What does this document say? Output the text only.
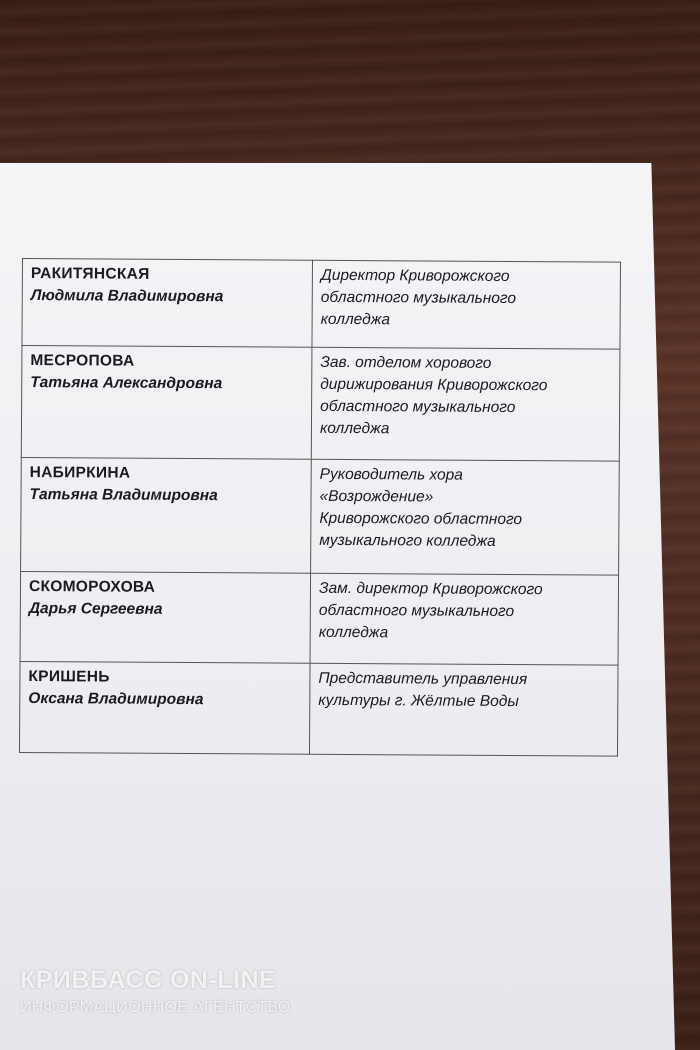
РАКИТЯНСКАЯ
Людмила Владимировна	Директор Криворожского
областного музыкального
колледжа

МЕСРОПОВА
Татьяна Александровна	Зав. отделом хорового
дирижирования Криворожского
областного музыкального
колледжа

НАБИРКИНА
Татьяна Владимировна	Руководитель хора
«Возрождение»
Криворожского областного
музыкального колледжа

СКОМОРОХОВА
Дарья Сергеевна	Зам. директор Криворожского
областного музыкального
колледжа

КРИШЕНЬ
Оксана Владимировна	Представитель управления
культуры г. Жёлтые Воды
КРИВБАСС ON-LINE
ИНФОРМАЦИОННОЕ АГЕНТСТВО
